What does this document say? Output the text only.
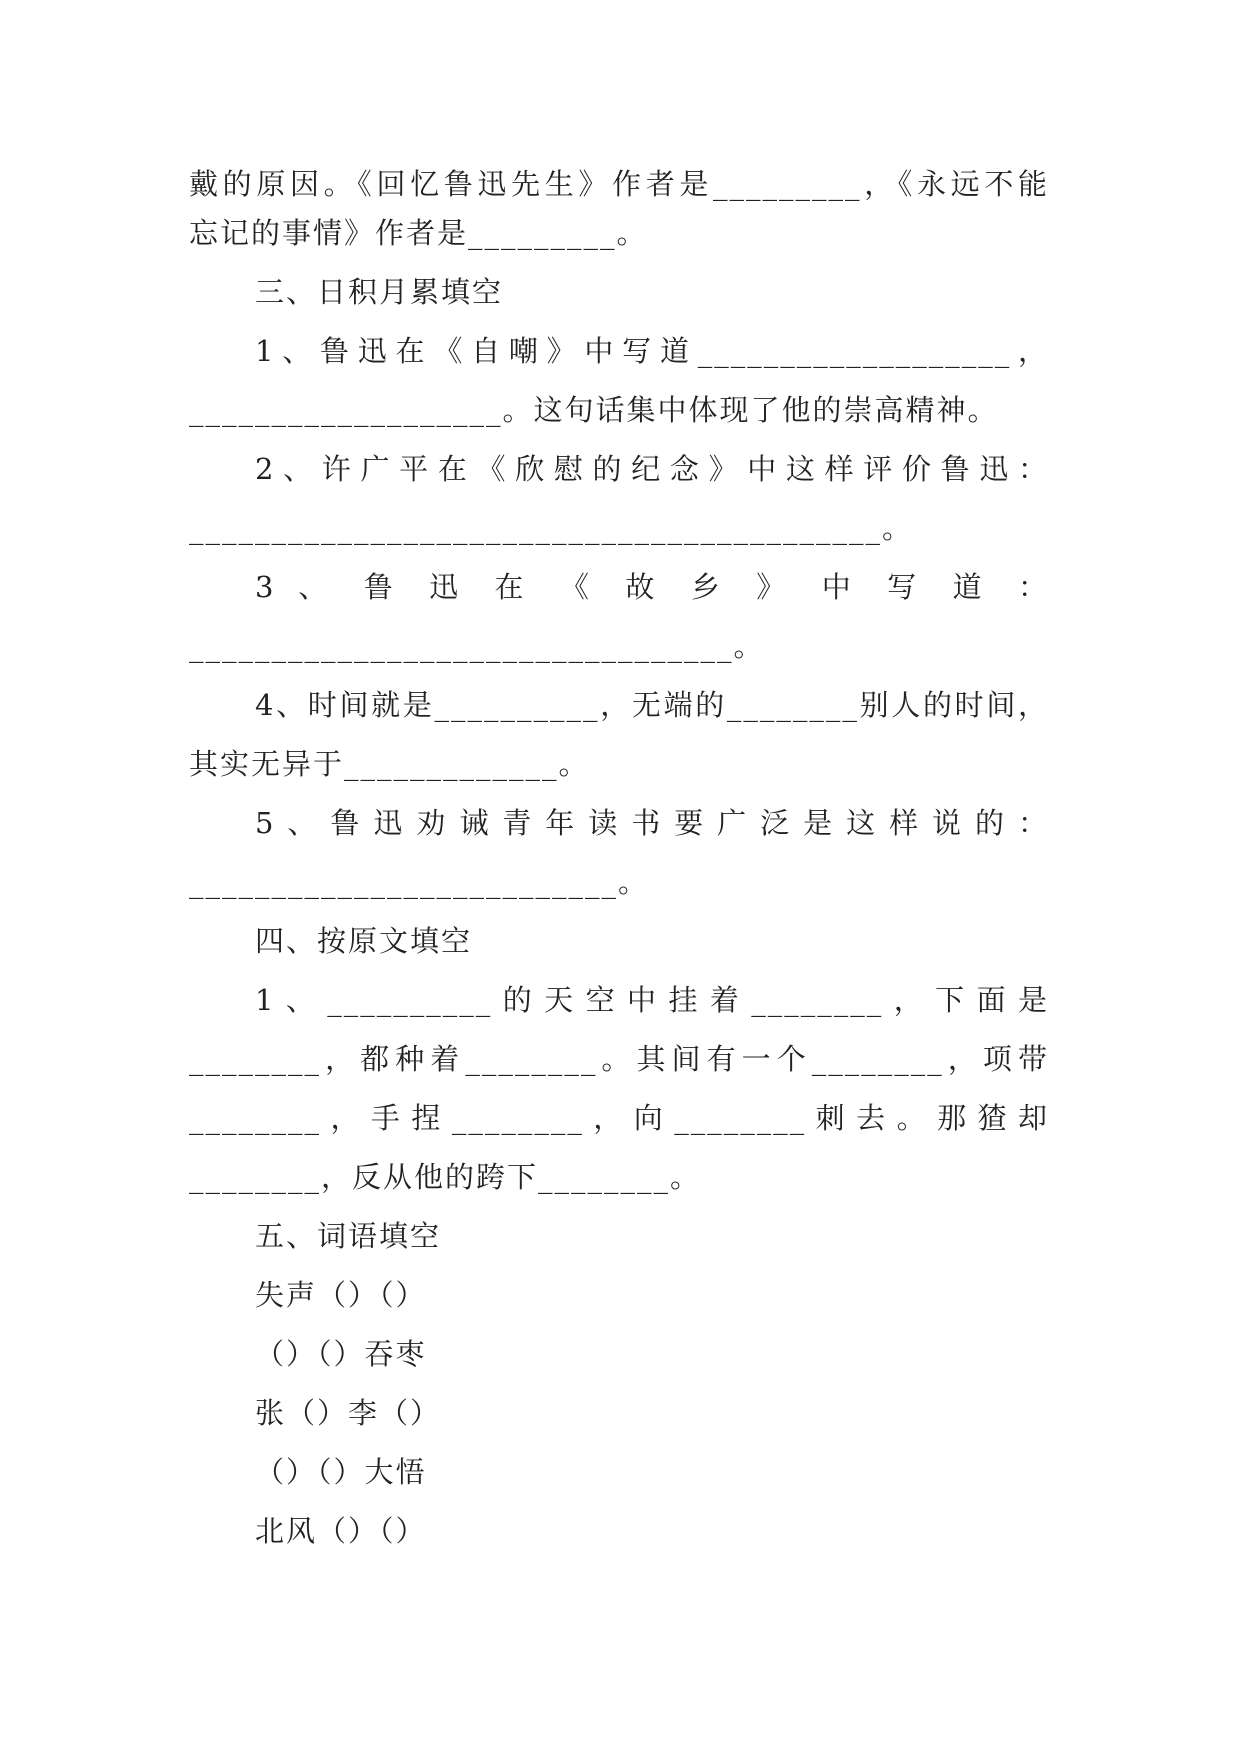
戴的原因。《回忆鲁迅先生》作者是_________，《永远不能
忘记的事情》作者是_________。
三、日积月累填空
1、鲁迅在《自嘲》中写道___________________，
___________________。这句话集中体现了他的崇高精神。
2、许广平在《欣慰的纪念》中这样评价鲁迅：
__________________________________________。
3 、 鲁 迅 在 《 故 乡 》 中 写 道 ：
_________________________________。
4、时间就是__________，无端的________别人的时间，
其实无异于_____________。
5、鲁迅劝诫青年读书要广泛是这样说的：
__________________________。
四、按原文填空
1、__________的天空中挂着________，下面是
________，都种着________。其间有一个________，项带
________，手捏________，向________刺去。那猹却
________，反从他的跨下________。
五、词语填空
失声（）（）
（）（）吞枣
张（）李（）
（）（）大悟
北风（）（）
